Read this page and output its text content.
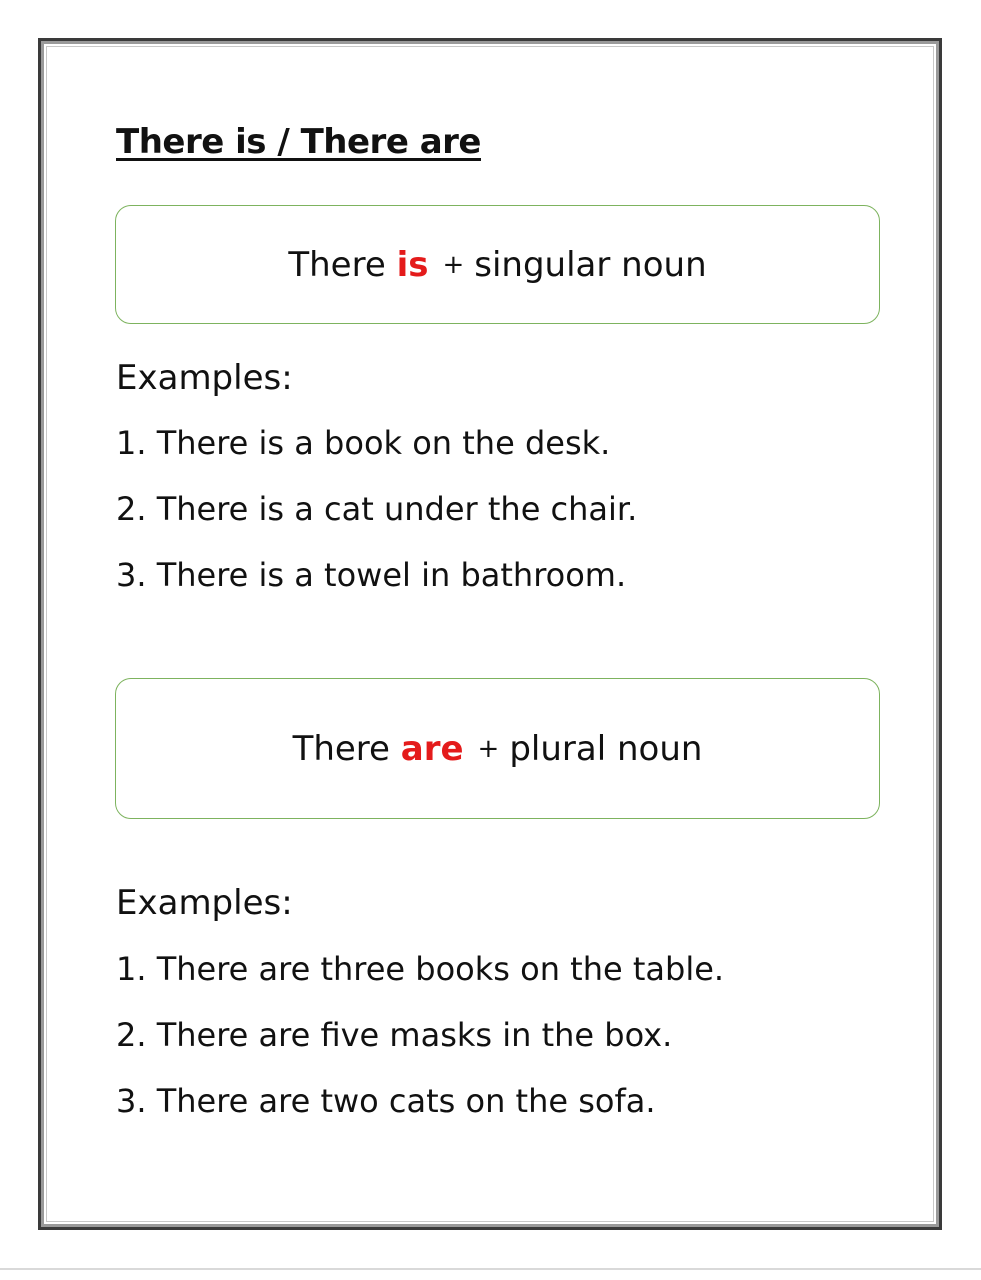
There is / There are
There
is + singular noun
Examples:
1. There is a book on the desk.
2. There is a cat under the chair.
3. There is a towel in bathroom.
There
are + plural noun
Examples:
1. There are three books on the table.
2. There are five masks in the box.
3. There are two cats on the sofa.
